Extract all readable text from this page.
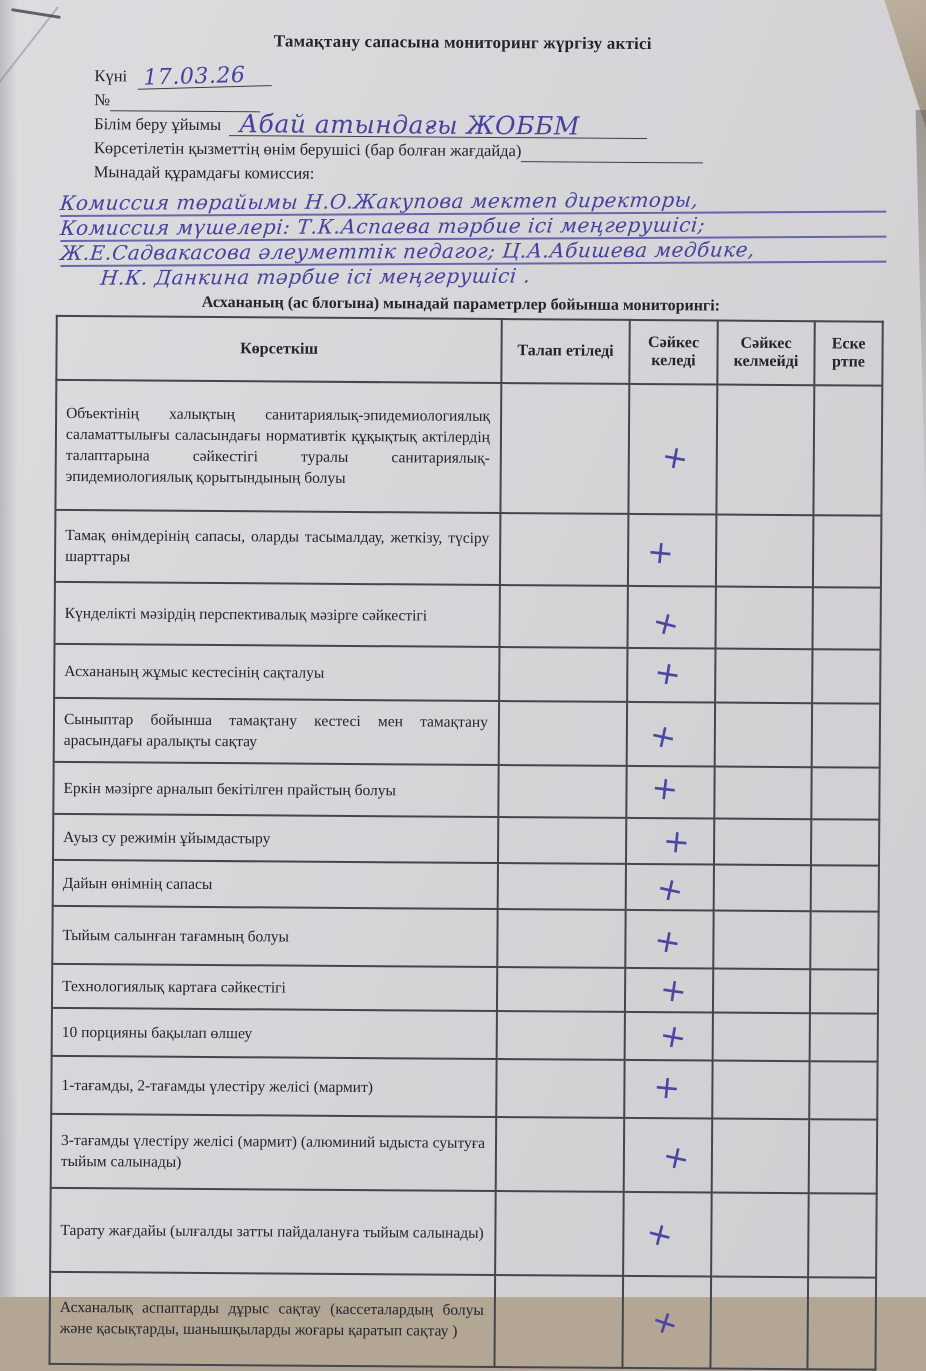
Тамақтану сапасына мониторинг жүргізу актісі
Күні 17.03.26
№
Білім беру ұйымы Абай атындағы ЖОББМ
Көрсетілетін қызметтің өнім берушісі (бар болған жағдайда)
Мынадай құрамдағы комиссия:
Комиссия төрайымы Н.О.Жакупова мектеп директоры,
Комиссия мүшелері: Т.К.Аспаева тәрбие ісі меңгерушісі;
Ж.Е.Садвакасова әлеуметтік педагог; Ц.А.Абишева медбике,
Н.К. Данкина тәрбие ісі меңгерушісі .
Асхананың (ас блогына) мынадай параметрлер бойынша мониторингі:
Көрсеткіш	Талап етіледі	Сәйкес келеді	Сәйкес келмейді	Еске ртпе
Объектінің халықтың санитариялық-эпидемиологиялық саламаттылығы саласындағы нормативтік құқықтық актілердің талаптарына сәйкестігі туралы санитариялық-эпидемиологиялық қорытындының болуы		+		
Тамақ өнімдерінің сапасы, оларды тасымалдау, жеткізу, түсіру шарттары		+		
Күнделікті мәзірдің перспективалық мәзірге сәйкестігі		+		
Асхананың жұмыс кестесінің сақталуы		+		
Сыныптар бойынша тамақтану кестесі мен тамақтану арасындағы аралықты сақтау		+		
Еркін мәзірге арналып бекітілген прайстың болуы		+		
Ауыз су режимін ұйымдастыру		+		
Дайын өнімнің сапасы		+		
Тыйым салынған тағамның болуы		+		
Технологиялық картаға сәйкестігі		+		
10 порцияны бақылап өлшеу		+		
1-тағамды, 2-тағамды үлестіру желісі (мармит)		+		
3-тағамды үлестіру желісі (мармит) (алюминий ыдыста суытуға тыйым салынады)		+		
Тарату жағдайы (ылғалды затты пайдалануға тыйым салынады)		+		
Асханалық аспаптарды дұрыс сақтау (кассеталардың болуы және қасықтарды, шанышқыларды жоғары қаратып сақтау )		+		
